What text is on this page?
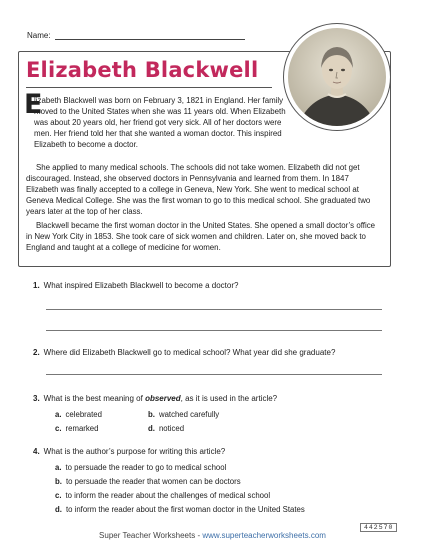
Name:
Elizabeth Blackwell
E

lizabeth Blackwell was born on February 3, 1821 in England. Her family moved to the United States when she was 11 years old. When Elizabeth was about 20 years old, her friend got very sick. All of her doctors were men. Her friend told her that she wanted a woman doctor. This inspired Elizabeth to become a doctor.

She applied to many medical schools. The schools did not take women. Elizabeth did not get discouraged. Instead, she observed doctors in Pennsylvania and learned from them. In 1847 Elizabeth was finally accepted to a college in Geneva, New York. She went to medical school at Geneva Medical College. She was the first woman to go to this medical school. She graduated two years later at the top of her class.

Blackwell became the first woman doctor in the United States. She opened a small doctor’s office in New York City in 1853. She took care of sick women and children. Later on, she moved back to England and taught at a college of medicine for women.

1. What inspired Elizabeth Blackwell to become a doctor?
2. Where did Elizabeth Blackwell go to medical school? What year did she graduate?
3. What is the best meaning of observed, as it is used in the article?
a. celebrated	b. watched carefully
c. remarked	d. noticed
4. What is the author’s purpose for writing this article?
a. to persuade the reader to go to medical school
b. to persuade the reader that women can be doctors
c. to inform the reader about the challenges of medical school
d. to inform the reader about the first woman doctor in the United States
442570
Super Teacher Worksheets - www.superteacherworksheets.com
